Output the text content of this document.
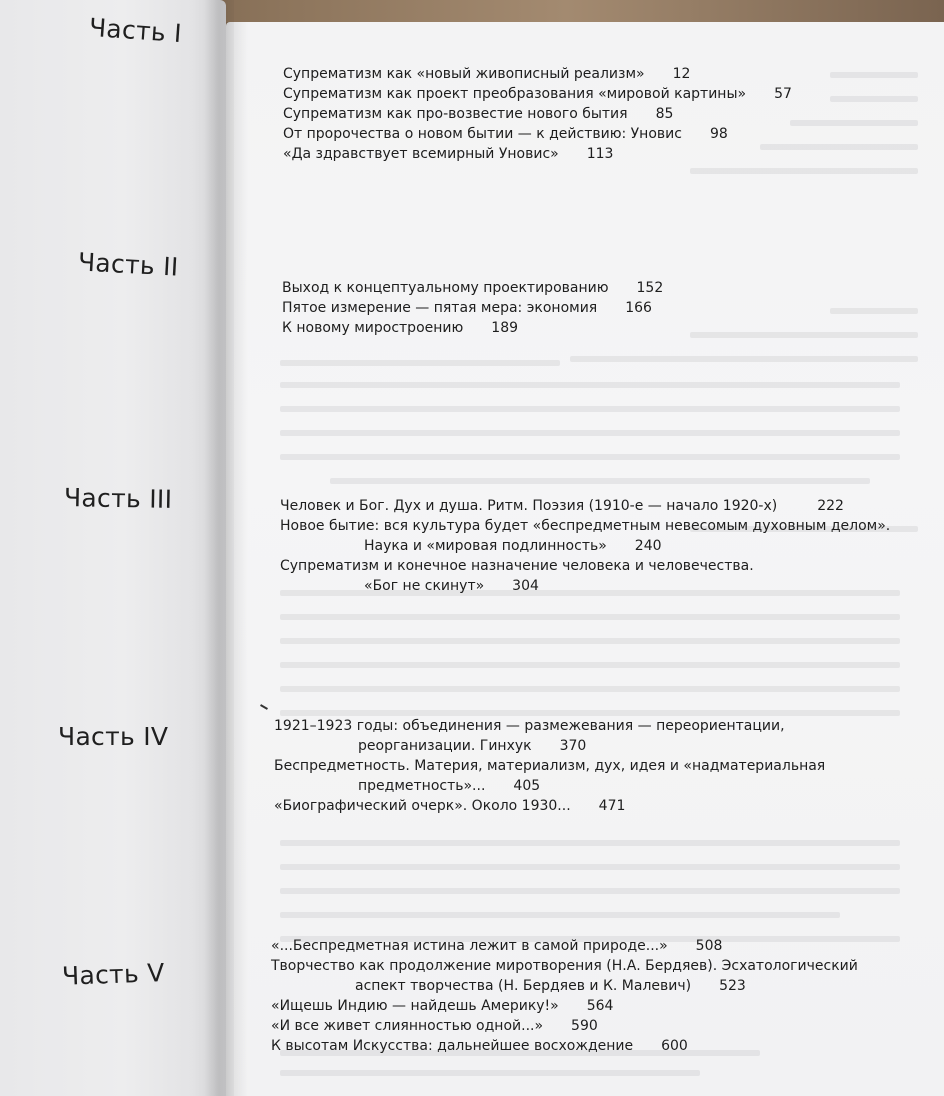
Часть I
Супрематизм как «новый живописный реализм» 12
Супрематизм как проект преобразования «мировой картины» 57
Супрематизм как про-возвестие нового бытия 85
От пророчества о новом бытии — к действию: Уновис 98
«Да здравствует всемирный Уновис» 113
Часть II
Выход к концептуальному проектированию 152
Пятое измерение — пятая мера: экономия 166
К новому миростроению 189
Часть III	Человек и Бог. Дух и душа. Ритм. Поэзия (1910-е — начало 1920-х)	222
Новое бытие: вся культура будет «беспредметным невесомым духовным делом».
Наука и «мировая подлинность» 240
Супрематизм и конечное назначение человека и человечества.
«Бог не скинут» 304
Часть IV	1921–1923 годы: объединения — размежевания — переориентации,
реорганизации. Гинхук 370
Беспредметность. Материя, материализм, дух, идея и «надматериальная
предметность»... 405
«Биографический очерк». Около 1930... 471
Часть V
«...Беспредметная истина лежит в самой природе...» 508
Творчество как продолжение миротворения (Н.А. Бердяев). Эсхатологический
аспект творчества (Н. Бердяев и К. Малевич) 523
«Ищешь Индию — найдешь Америку!» 564
«И все живет слиянностью одной...» 590
К высотам Искусства: дальнейшее восхождение 600
